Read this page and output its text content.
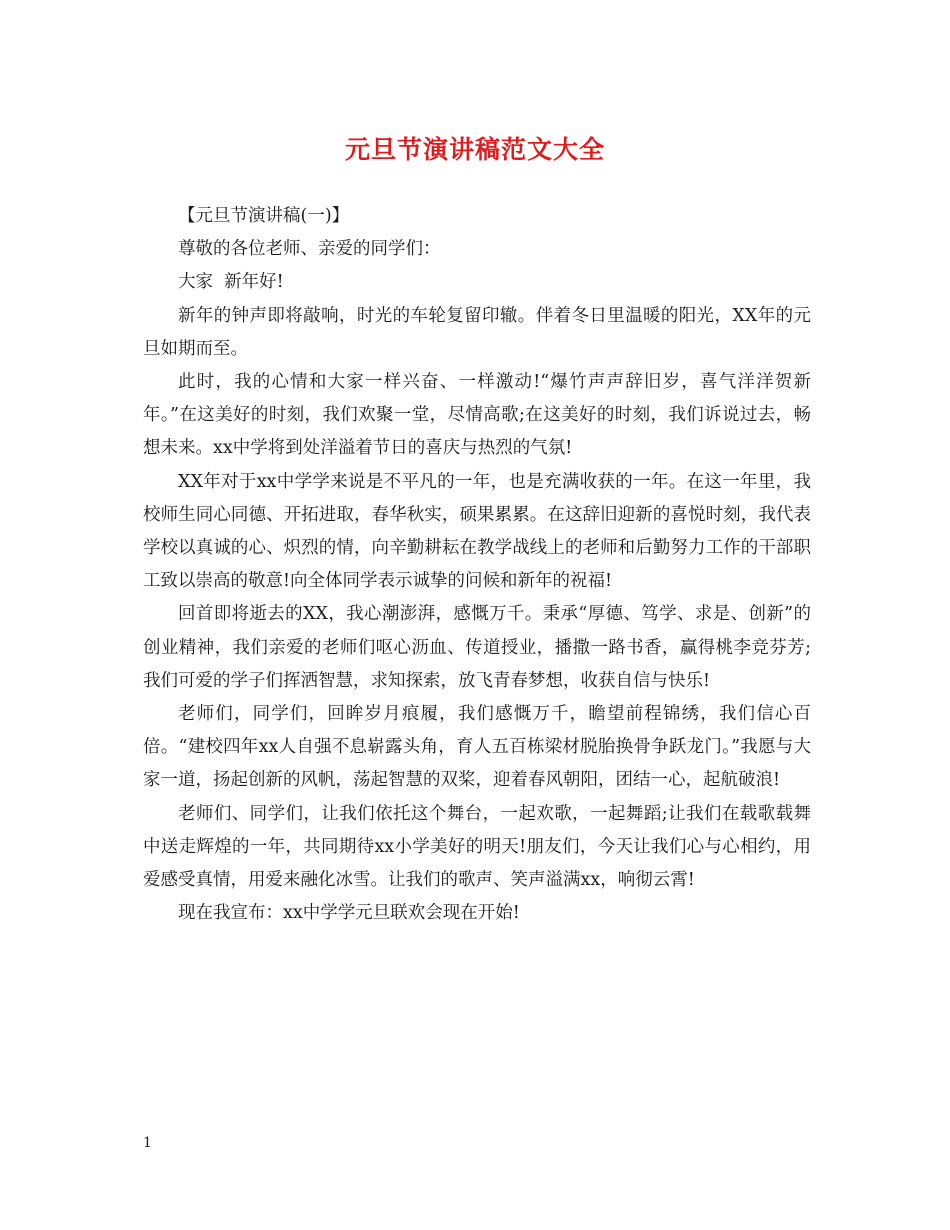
元旦节演讲稿范文大全

【元旦节演讲稿(一)】

尊敬的各位老师、亲爱的同学们：

大家  新年好!

新年的钟声即将敲响，时光的车轮复留印辙。伴着冬日里温暖的阳光，XX年的元旦如期而至。

此时，我的心情和大家一样兴奋、一样激动!“爆竹声声辞旧岁，喜气洋洋贺新年。”在这美好的时刻，我们欢聚一堂，尽情高歌;在这美好的时刻，我们诉说过去，畅想未来。xx中学将到处洋溢着节日的喜庆与热烈的气氛!

XX年对于xx中学学来说是不平凡的一年，也是充满收获的一年。在这一年里，我校师生同心同德、开拓进取，春华秋实，硕果累累。在这辞旧迎新的喜悦时刻，我代表学校以真诚的心、炽烈的情，向辛勤耕耘在教学战线上的老师和后勤努力工作的干部职工致以崇高的敬意!向全体同学表示诚挚的问候和新年的祝福!

回首即将逝去的XX，我心潮澎湃，感慨万千。秉承“厚德、笃学、求是、创新”的创业精神，我们亲爱的老师们呕心沥血、传道授业，播撒一路书香，赢得桃李竞芬芳;我们可爱的学子们挥洒智慧，求知探索，放飞青春梦想，收获自信与快乐!

老师们，同学们，回眸岁月痕履，我们感慨万千，瞻望前程锦绣，我们信心百倍。“建校四年xx人自强不息崭露头角，育人五百栋梁材脱胎换骨争跃龙门。”我愿与大家一道，扬起创新的风帆，荡起智慧的双桨，迎着春风朝阳，团结一心，起航破浪!

老师们、同学们，让我们依托这个舞台，一起欢歌，一起舞蹈;让我们在载歌载舞中送走辉煌的一年，共同期待xx小学美好的明天!朋友们，今天让我们心与心相约，用爱感受真情，用爱来融化冰雪。让我们的歌声、笑声溢满xx，响彻云霄!

现在我宣布：xx中学学元旦联欢会现在开始!

1
